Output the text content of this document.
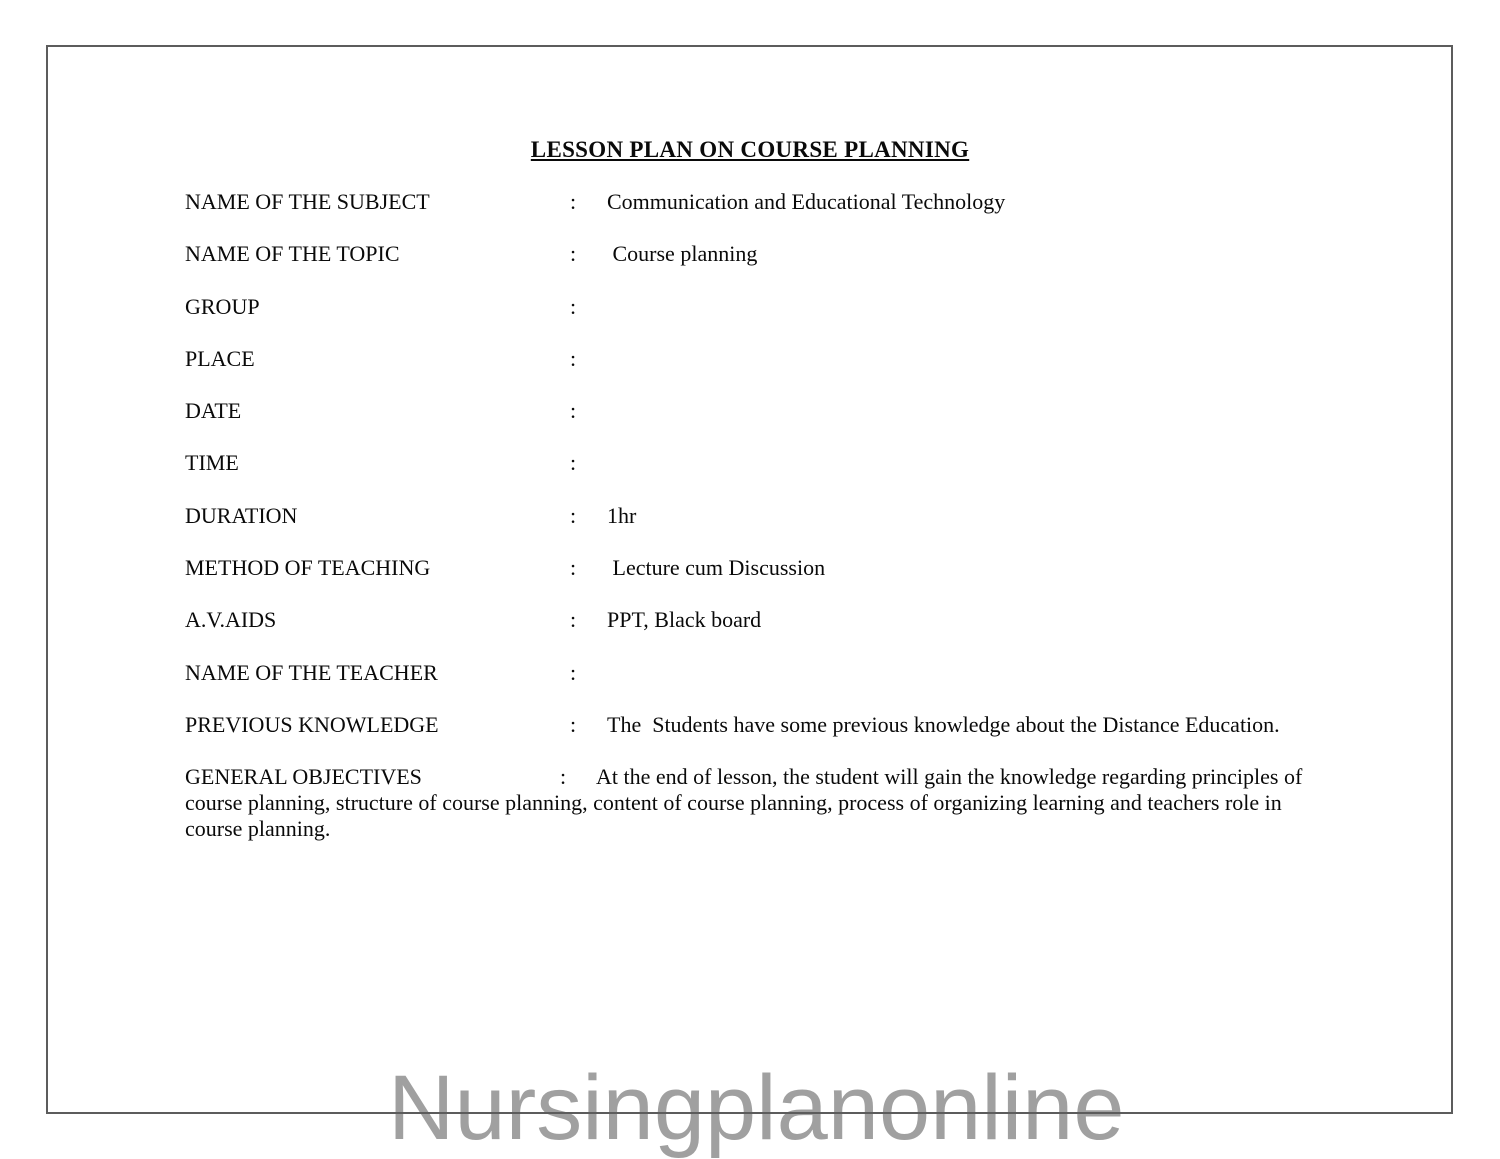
LESSON PLAN ON COURSE PLANNING
NAME OF THE SUBJECT	:	Communication and Educational Technology
NAME OF THE TOPIC	:	Course planning
GROUP	:
PLACE	:
DATE	:
TIME	:
DURATION	:	1hr
METHOD OF TEACHING	:	Lecture cum Discussion
A.V.AIDS	:	PPT, Black board
NAME OF THE TEACHER	:
PREVIOUS KNOWLEDGE	:	The  Students have some previous knowledge about the Distance Education.
GENERAL OBJECTIVES	: At the end of lesson, the student will gain the knowledge regarding principles of course planning, structure of course planning, content of course planning, process of organizing learning and teachers role in course planning.
Nursingplanonline
